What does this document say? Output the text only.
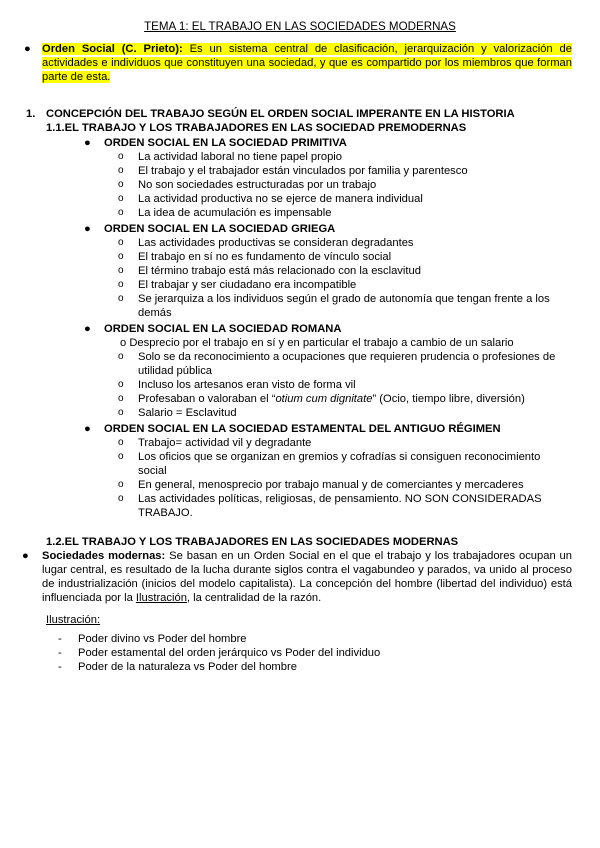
TEMA 1: EL TRABAJO EN LAS SOCIEDADES MODERNAS
● Orden Social (C. Prieto): Es un sistema central de clasificación, jerarquización y valorización de actividades e individuos que constituyen una sociedad, y que es compartido por los miembros que forman parte de esta.
1. CONCEPCIÓN DEL TRABAJO SEGÚN EL ORDEN SOCIAL IMPERANTE EN LA HISTORIA
1.1.EL TRABAJO Y LOS TRABAJADORES EN LAS SOCIEDAD PREMODERNAS
● ORDEN SOCIAL EN LA SOCIEDAD PRIMITIVA
o La actividad laboral no tiene papel propio
o El trabajo y el trabajador están vinculados por familia y parentesco
o No son sociedades estructuradas por un trabajo
o La actividad productiva no se ejerce de manera individual
o La idea de acumulación es impensable
● ORDEN SOCIAL EN LA SOCIEDAD GRIEGA
o Las actividades productivas se consideran degradantes
o El trabajo en sí no es fundamento de vínculo social
o El término trabajo está más relacionado con la esclavitud
o El trabajar y ser ciudadano era incompatible
o Se jerarquiza a los individuos según el grado de autonomía que tengan frente a los demás
● ORDEN SOCIAL EN LA SOCIEDAD ROMANA
o Desprecio por el trabajo en sí y en particular el trabajo a cambio de un salario
o Solo se da reconocimiento a ocupaciones que requieren prudencia o profesiones de utilidad pública
o Incluso los artesanos eran visto de forma vil
o Profesaban o valoraban el “otium cum dignitate” (Ocio, tiempo libre, diversión)
o Salario = Esclavitud
● ORDEN SOCIAL EN LA SOCIEDAD ESTAMENTAL DEL ANTIGUO RÉGIMEN
o Trabajo= actividad vil y degradante
o Los oficios que se organizan en gremios y cofradías si consiguen reconocimiento social
o En general, menosprecio por trabajo manual y de comerciantes y mercaderes
o Las actividades políticas, religiosas, de pensamiento. NO SON CONSIDERADAS TRABAJO.
1.2.EL TRABAJO Y LOS TRABAJADORES EN LAS SOCIEDADES MODERNAS
● Sociedades modernas: Se basan en un Orden Social en el que el trabajo y los trabajadores ocupan un lugar central, es resultado de la lucha durante siglos contra el vagabundeo y parados, va unido al proceso de industrialización (inicios del modelo capitalista). La concepción del hombre (libertad del individuo) está influenciada por la Ilustración, la centralidad de la razón.
Ilustración:
- Poder divino vs Poder del hombre
- Poder estamental del orden jerárquico vs Poder del individuo
- Poder de la naturaleza vs Poder del hombre
